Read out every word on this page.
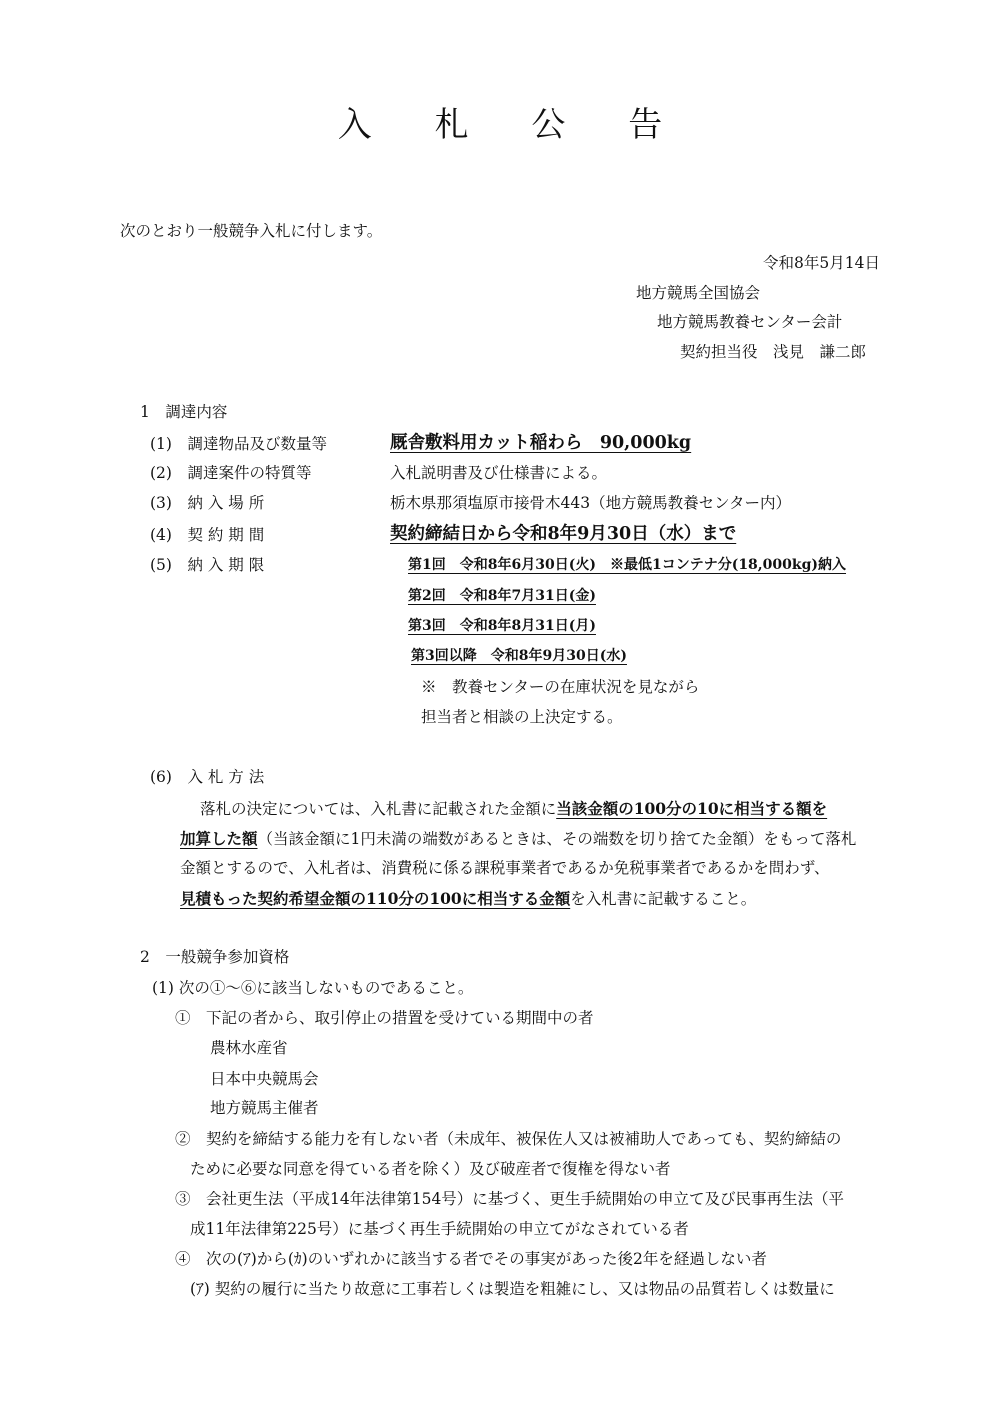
入 札 公 告
次のとおり一般競争入札に付します。
令和8年5月14日
地方競馬全国協会
地方競馬教養センター会計
契約担当役　浅見　謙二郎
1　調達内容
(1)　調達物品及び数量等	厩舎敷料用カット稲わら　90,000kg
(2)　調達案件の特質等	入札説明書及び仕様書による。
(3)　納 入 場 所	栃木県那須塩原市接骨木443（地方競馬教養センター内）
(4)　契 約 期 間	契約締結日から令和8年9月30日（水）まで
(5)　納 入 期 限	第1回　令和8年6月30日(火)　※最低1コンテナ分(18,000kg)納入
第2回　令和8年7月31日(金)
第3回　令和8年8月31日(月)
第3回以降　令和8年9月30日(水)
※　教養センターの在庫状況を見ながら
担当者と相談の上決定する。
(6)　入 札 方 法
落札の決定については、入札書に記載された金額に当該金額の100分の10に相当する額を
加算した額（当該金額に1円未満の端数があるときは、その端数を切り捨てた金額）をもって落札
金額とするので、入札者は、消費税に係る課税事業者であるか免税事業者であるかを問わず、
見積もった契約希望金額の110分の100に相当する金額を入札書に記載すること。
2　一般競争参加資格
(1) 次の①～⑥に該当しないものであること。
①　下記の者から、取引停止の措置を受けている期間中の者
農林水産省
日本中央競馬会
地方競馬主催者
②　契約を締結する能力を有しない者（未成年、被保佐人又は被補助人であっても、契約締結の
ために必要な同意を得ている者を除く）及び破産者で復権を得ない者
③　会社更生法（平成14年法律第154号）に基づく、更生手続開始の申立て及び民事再生法（平
成11年法律第225号）に基づく再生手続開始の申立てがなされている者
④　次の(ｱ)から(ｶ)のいずれかに該当する者でその事実があった後2年を経過しない者
(ｱ) 契約の履行に当たり故意に工事若しくは製造を粗雑にし、又は物品の品質若しくは数量に
